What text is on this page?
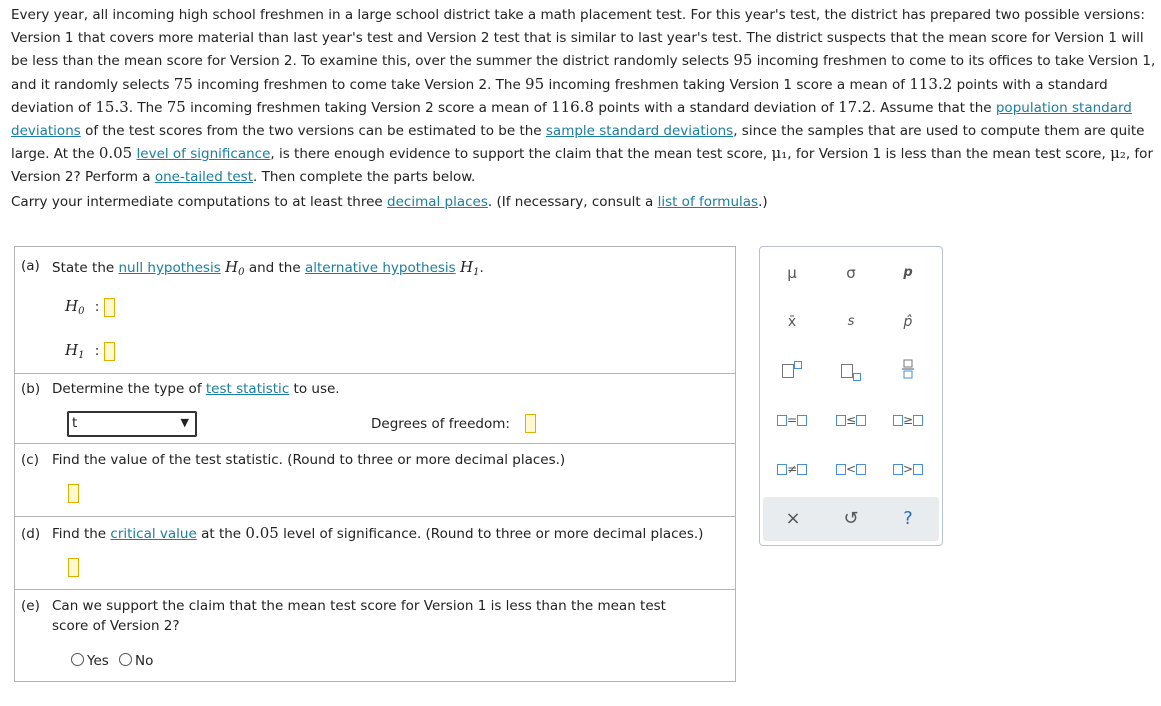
Every year, all incoming high school freshmen in a large school district take a math placement test. For this year's test, the district has prepared two possible versions: Version 1 that covers more material than last year's test and Version 2 test that is similar to last year's test. The district suspects that the mean score for Version 1 will be less than the mean score for Version 2. To examine this, over the summer the district randomly selects 95 incoming freshmen to come to its offices to take Version 1, and it randomly selects 75 incoming freshmen to come take Version 2. The 95 incoming freshmen taking Version 1 score a mean of 113.2 points with a standard deviation of 15.3. The 75 incoming freshmen taking Version 2 score a mean of 116.8 points with a standard deviation of 17.2. Assume that the population standard deviations of the test scores from the two versions can be estimated to be the sample standard deviations, since the samples that are used to compute them are quite large. At the 0.05 level of significance, is there enough evidence to support the claim that the mean test score, μ₁, for Version 1 is less than the mean test score, μ₂, for Version 2? Perform a one-tailed test. Then complete the parts below.

Carry your intermediate computations to at least three decimal places. (If necessary, consult a list of formulas.)
(a) State the null hypothesis $H_0$ and the alternative hypothesis $H_1$.
$H_0$ :
$H_1$ :
(b) Determine the type of test statistic to use.
t	▼	Degrees of freedom:
(c) Find the value of the test statistic. (Round to three or more decimal places.)
(d) Find the critical value at the 0.05 level of significance. (Round to three or more decimal places.)
(e) Can we support the claim that the mean test score for Version 1 is less than the mean test
score of Version 2?
Yes	No
μ	σ	p
x̄	s	p̂
=	≤	≥
≠	<	>
×	↺	?
